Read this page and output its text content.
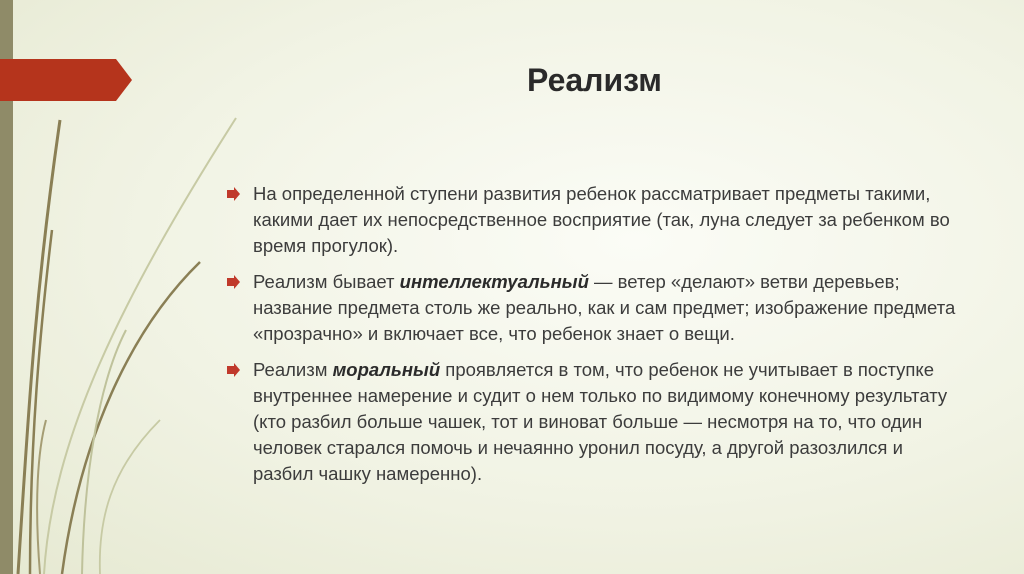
Реализм
На определенной ступени развития ребенок рассматривает предметы такими, какими дает их непосредственное восприятие (так, луна следует за ребенком во время прогулок).
Реализм бывает интеллектуальный — ветер «делают» ветви деревьев; название предмета столь же реально, как и сам предмет; изображение предмета «прозрачно» и включает все, что ребенок знает о вещи.
Реализм моральный проявляется в том, что ребенок не учитывает в поступке внутреннее намерение и судит о нем только по видимому конечному результату (кто разбил больше чашек, тот и виноват больше — несмотря на то, что один человек старался помочь и нечаянно уронил посуду, а другой разозлился и разбил чашку намеренно).
